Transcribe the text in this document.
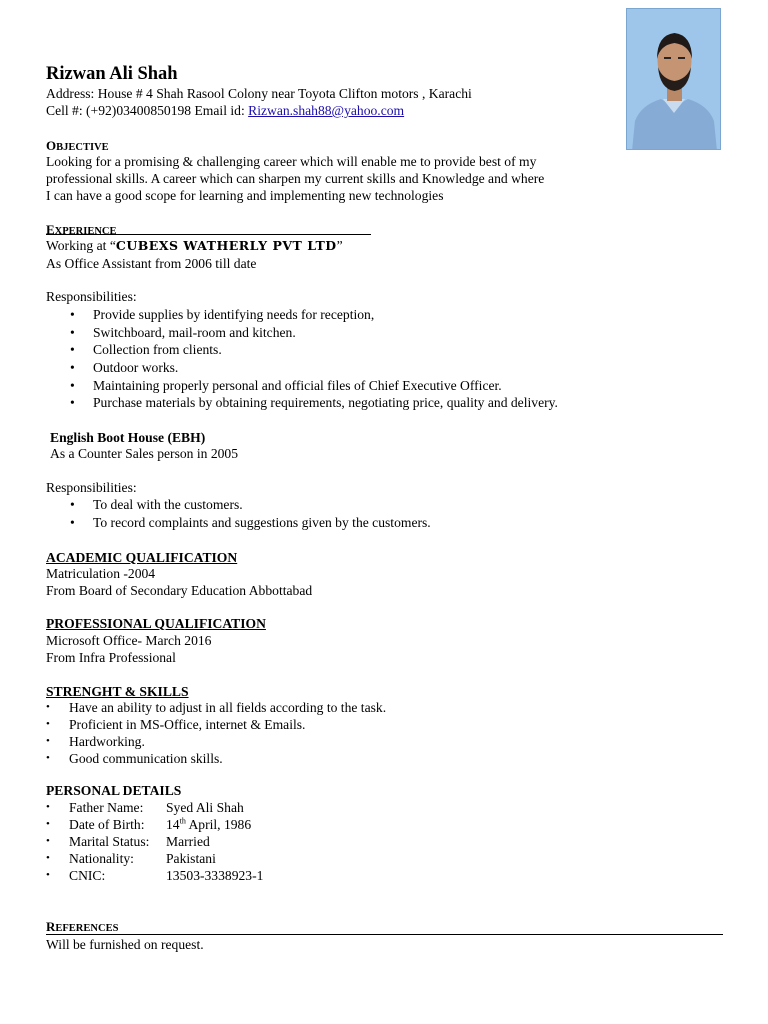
Rizwan Ali Shah
Address: House # 4 Shah Rasool Colony near Toyota Clifton motors , Karachi
Cell #: (+92)03400850198 Email id: Rizwan.shah88@yahoo.com
OBJECTIVE
Looking for a promising & challenging career which will enable me to provide best of my
professional skills. A career which can sharpen my current skills and Knowledge and where
I can have a good scope for learning and implementing new technologies
EXPERIENCE
Working at “CUBEXS WATHERLY PVT LTD”
As Office Assistant from 2006 till date
Responsibilities:
• Provide supplies by identifying needs for reception,
• Switchboard, mail-room and kitchen.
• Collection from clients.
• Outdoor works.
• Maintaining properly personal and official files of Chief Executive Officer.
• Purchase materials by obtaining requirements, negotiating price, quality and delivery.
English Boot House (EBH)
As a Counter Sales person in 2005
Responsibilities:
• To deal with the customers.
• To record complaints and suggestions given by the customers.
ACADEMIC QUALIFICATION
Matriculation -2004
From Board of Secondary Education Abbottabad
PROFESSIONAL QUALIFICATION
Microsoft Office- March 2016
From Infra Professional
STRENGHT & SKILLS
• Have an ability to adjust in all fields according to the task.
• Proficient in MS-Office, internet & Emails.
• Hardworking.
• Good communication skills.
PERSONAL DETAILS
• Father Name: Syed Ali Shah
• Date of Birth: 14th April, 1986
• Marital Status: Married
• Nationality: Pakistani
• CNIC:	13503-3338923-1
REFERENCES
Will be furnished on request.
